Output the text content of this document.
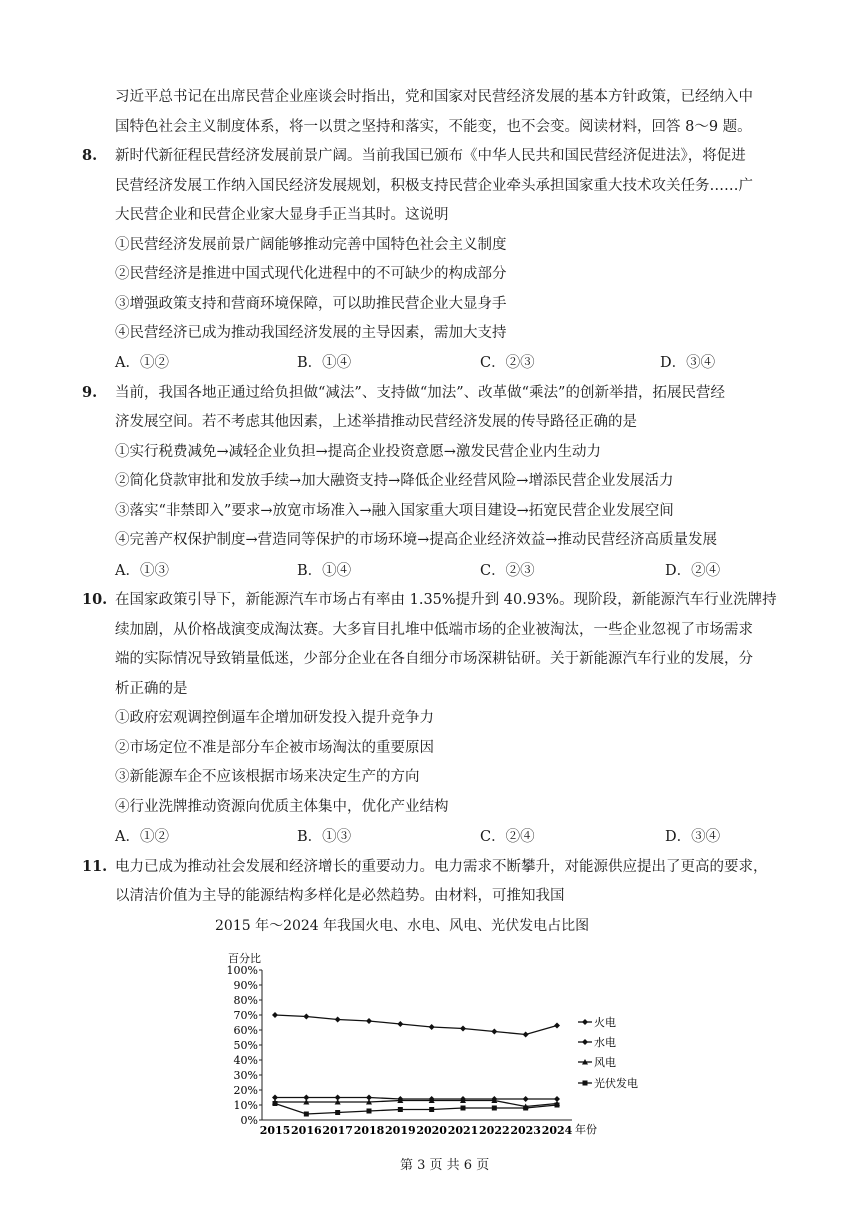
习近平总书记在出席民营企业座谈会时指出，党和国家对民营经济发展的基本方针政策，已经纳入中
国特色社会主义制度体系，将一以贯之坚持和落实，不能变，也不会变。阅读材料，回答 8～9 题。
8. 新时代新征程民营经济发展前景广阔。当前我国已颁布《中华人民共和国民营经济促进法》，将促进
民营经济发展工作纳入国民经济发展规划，积极支持民营企业牵头承担国家重大技术攻关任务……广
大民营企业和民营企业家大显身手正当其时。这说明
①民营经济发展前景广阔能够推动完善中国特色社会主义制度
②民营经济是推进中国式现代化进程中的不可缺少的构成部分
③增强政策支持和营商环境保障，可以助推民营企业大显身手
④民营经济已成为推动我国经济发展的主导因素，需加大支持
A．①②	B．①④	C．②③	D．③④
9. 当前，我国各地正通过给负担做“减法”、支持做“加法”、改革做“乘法”的创新举措，拓展民营经
济发展空间。若不考虑其他因素，上述举措推动民营经济发展的传导路径正确的是
①实行税费减免→减轻企业负担→提高企业投资意愿→激发民营企业内生动力
②简化贷款审批和发放手续→加大融资支持→降低企业经营风险→增添民营企业发展活力
③落实“非禁即入”要求→放宽市场准入→融入国家重大项目建设→拓宽民营企业发展空间
④完善产权保护制度→营造同等保护的市场环境→提高企业经济效益→推动民营经济高质量发展
A．①③	B．①④	C．②③	D．②④
10. 在国家政策引导下，新能源汽车市场占有率由 1.35%提升到 40.93%。现阶段，新能源汽车行业洗牌持
续加剧，从价格战演变成淘汰赛。大多盲目扎堆中低端市场的企业被淘汰，一些企业忽视了市场需求
端的实际情况导致销量低迷，少部分企业在各自细分市场深耕钻研。关于新能源汽车行业的发展，分
析正确的是
①政府宏观调控倒逼车企增加研发投入提升竞争力
②市场定位不准是部分车企被市场淘汰的重要原因
③新能源车企不应该根据市场来决定生产的方向
④行业洗牌推动资源向优质主体集中，优化产业结构
A．①②	B．①③	C．②④	D．③④
11. 电力已成为推动社会发展和经济增长的重要动力。电力需求不断攀升，对能源供应提出了更高的要求，
以清洁价值为主导的能源结构多样化是必然趋势。由材料，可推知我国
2015 年～2024 年我国火电、水电、风电、光伏发电占比图
百分比
0%
10%
20%
30%
40%
50%
60%
70%
80%
90%
100%
2015 2016 2017 2018 2019 2020 2021 2022 2023 2024 年份
火电
水电
风电
光伏发电
第 3 页 共 6 页
